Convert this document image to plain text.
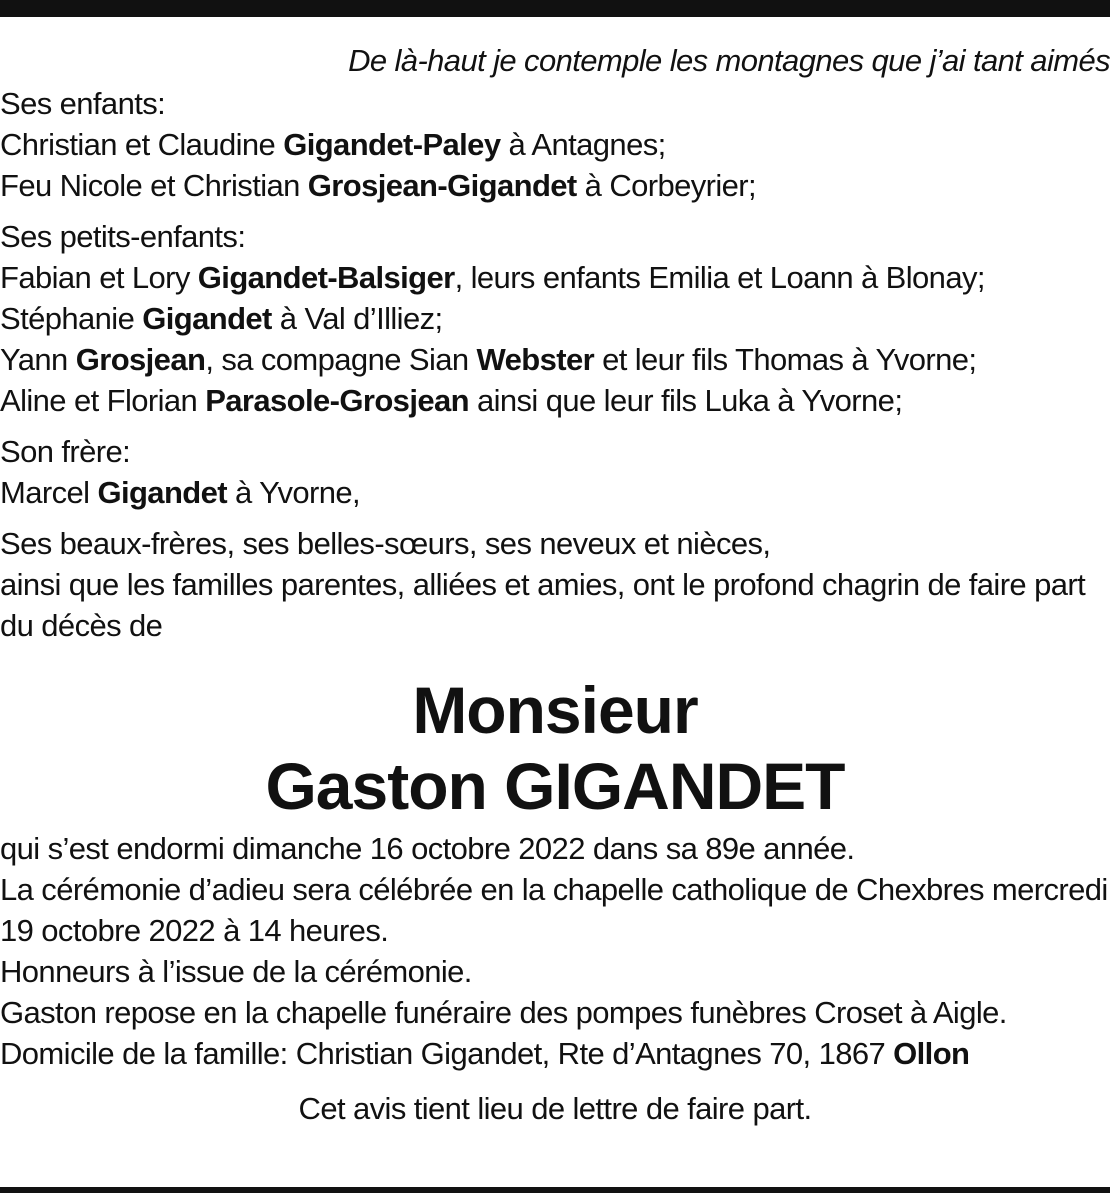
De là-haut je contemple les montagnes que j’ai tant aimés
Ses enfants:
Christian et Claudine Gigandet-Paley à Antagnes;
Feu Nicole et Christian Grosjean-Gigandet à Corbeyrier;
Ses petits-enfants:
Fabian et Lory Gigandet-Balsiger, leurs enfants Emilia et Loann à Blonay;
Stéphanie Gigandet à Val d’Illiez;
Yann Grosjean, sa compagne Sian Webster et leur fils Thomas à Yvorne;
Aline et Florian Parasole-Grosjean ainsi que leur fils Luka à Yvorne;
Son frère:
Marcel Gigandet à Yvorne,
Ses beaux-frères, ses belles-sœurs, ses neveux et nièces,
ainsi que les familles parentes, alliées et amies, ont le profond chagrin de faire part du décès de
Monsieur
Gaston GIGANDET
qui s’est endormi dimanche 16 octobre 2022 dans sa 89e année.
La cérémonie d’adieu sera célébrée en la chapelle catholique de Chexbres mercredi 19 octobre 2022 à 14 heures.
Honneurs à l’issue de la cérémonie.
Gaston repose en la chapelle funéraire des pompes funèbres Croset à Aigle.
Domicile de la famille: Christian Gigandet, Rte d’Antagnes 70, 1867 Ollon
Cet avis tient lieu de lettre de faire part.
